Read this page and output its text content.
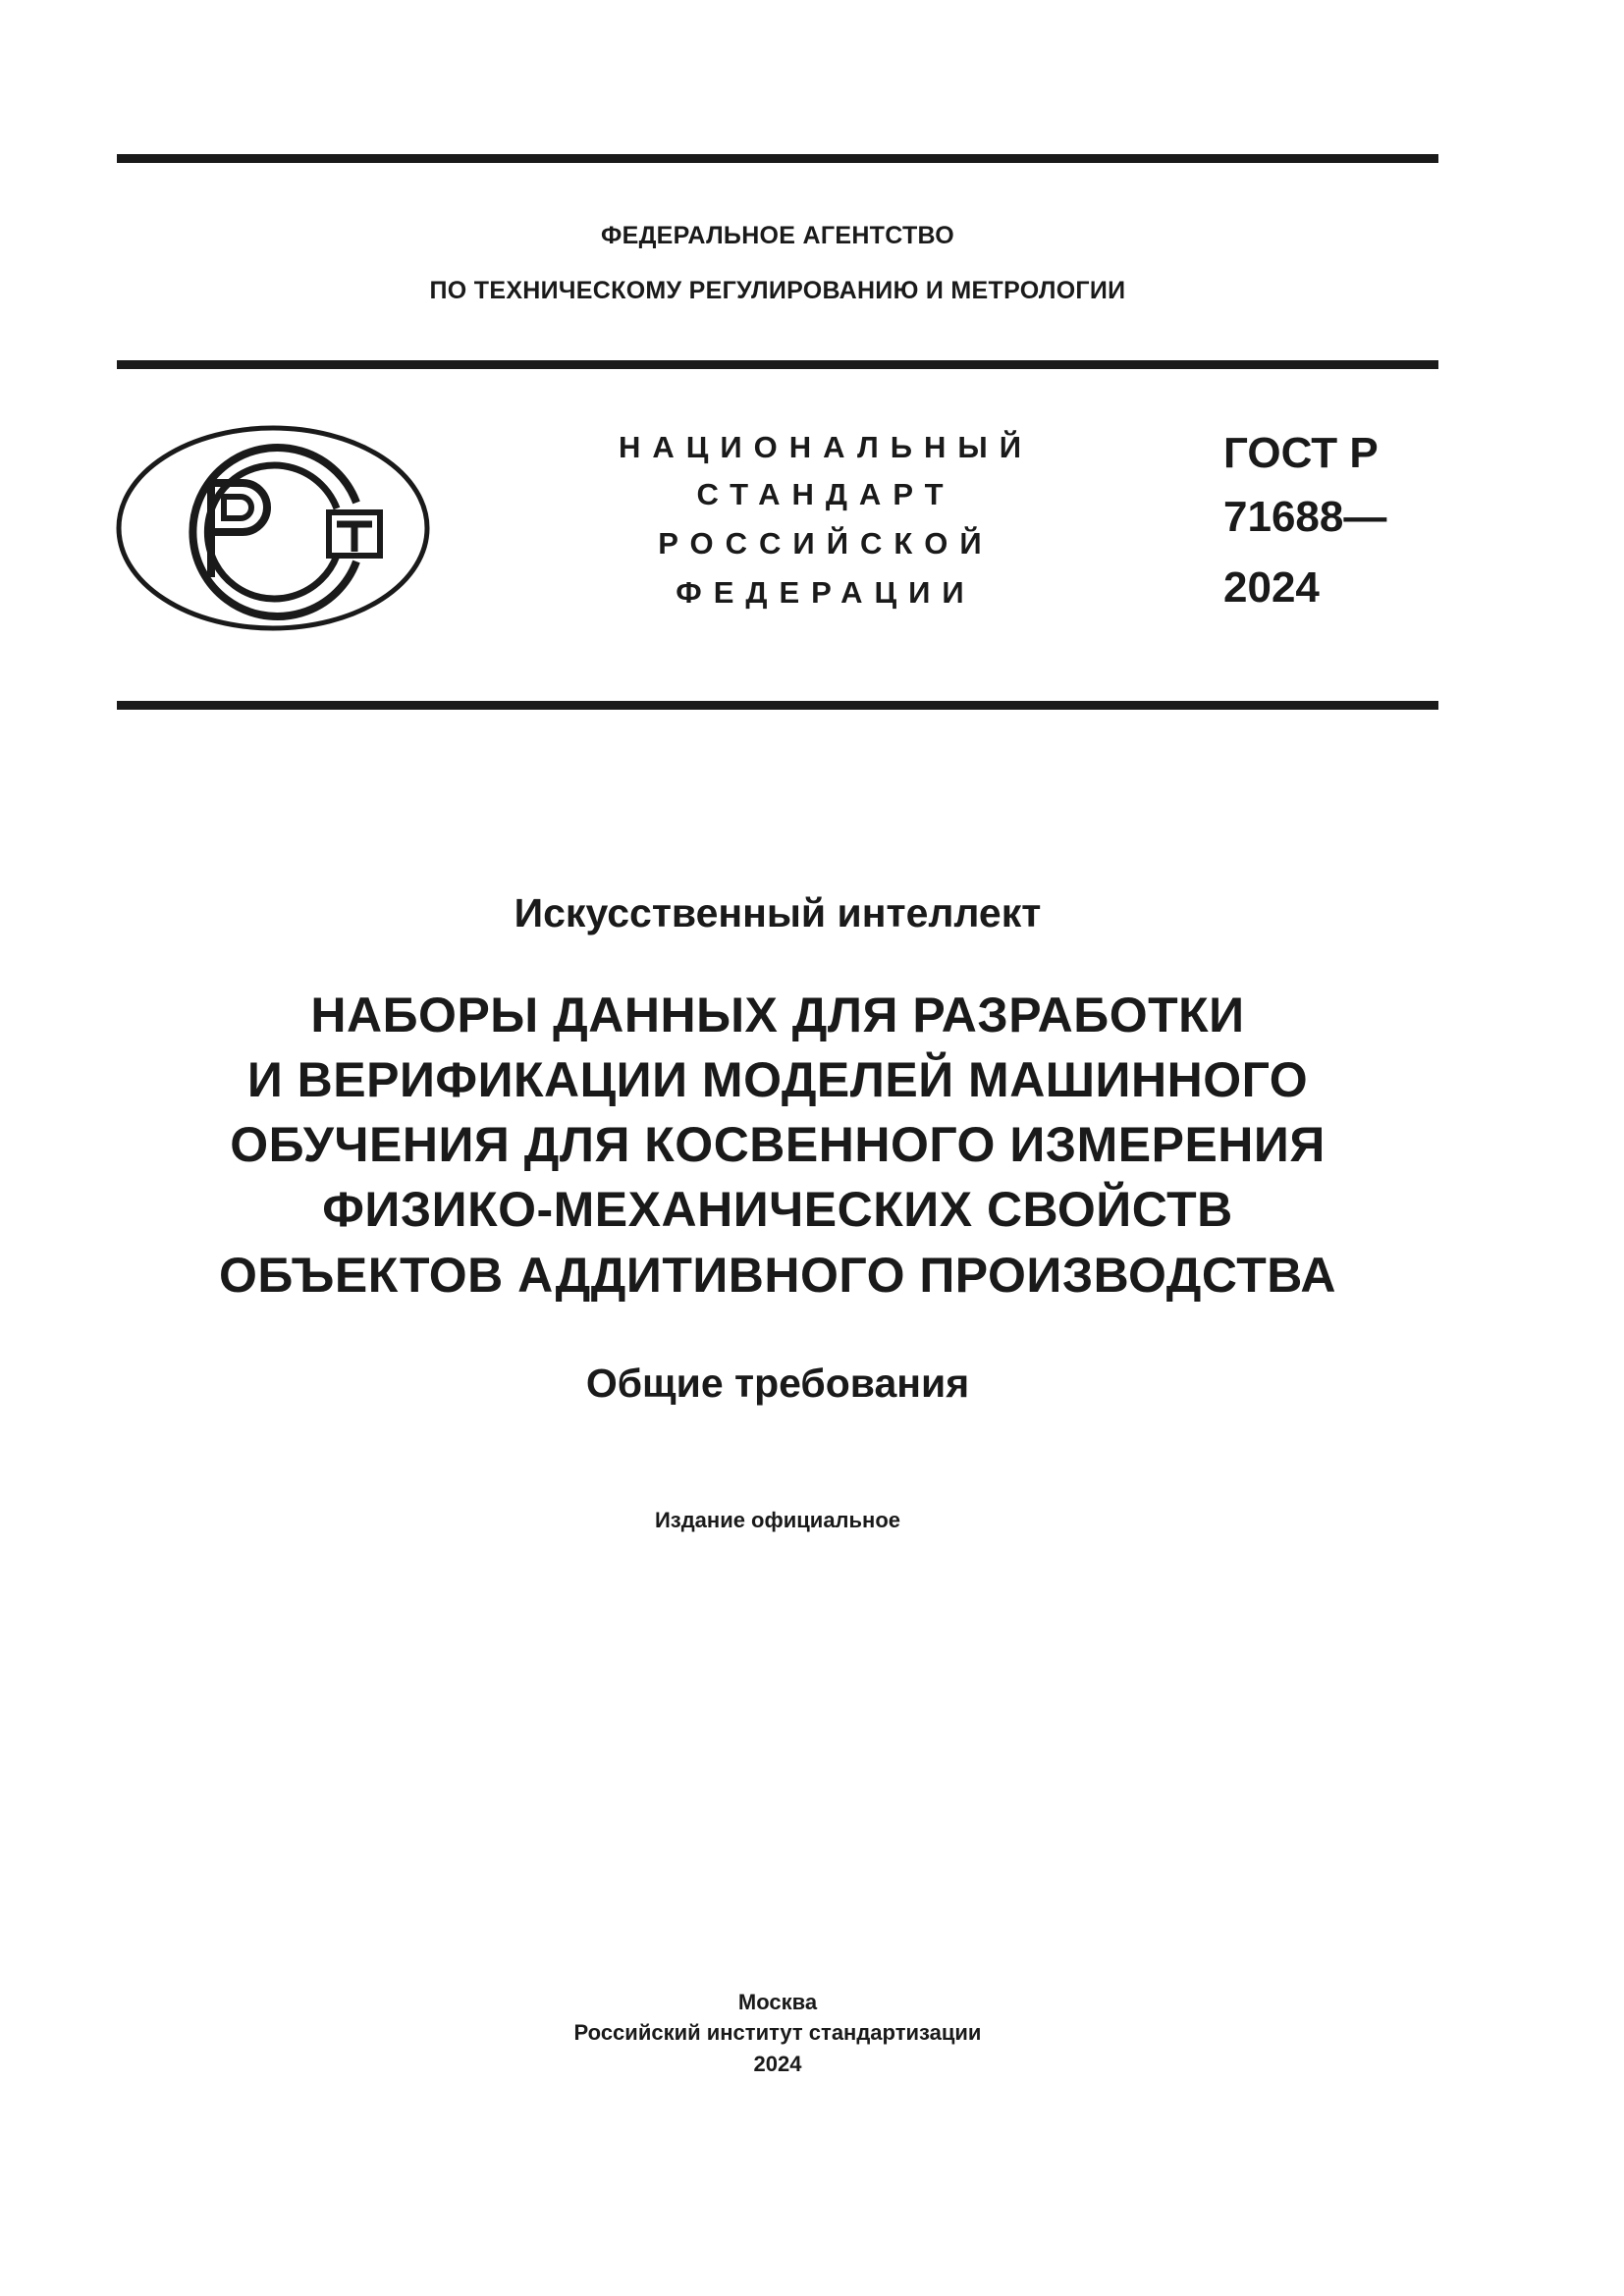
ФЕДЕРАЛЬНОЕ АГЕНТСТВО
ПО ТЕХНИЧЕСКОМУ РЕГУЛИРОВАНИЮ И МЕТРОЛОГИИ
НАЦИОНАЛЬНЫЙ
СТАНДАРТ
РОССИЙСКОЙ
ФЕДЕРАЦИИ
ГОСТ Р
71688—
2024
Искусственный интеллект
НАБОРЫ ДАННЫХ ДЛЯ РАЗРАБОТКИ
И ВЕРИФИКАЦИИ МОДЕЛЕЙ МАШИННОГО
ОБУЧЕНИЯ ДЛЯ КОСВЕННОГО ИЗМЕРЕНИЯ
ФИЗИКО-МЕХАНИЧЕСКИХ СВОЙСТВ
ОБЪЕКТОВ АДДИТИВНОГО ПРОИЗВОДСТВА
Общие требования
Издание официальное
Москва
Российский институт стандартизации
2024
